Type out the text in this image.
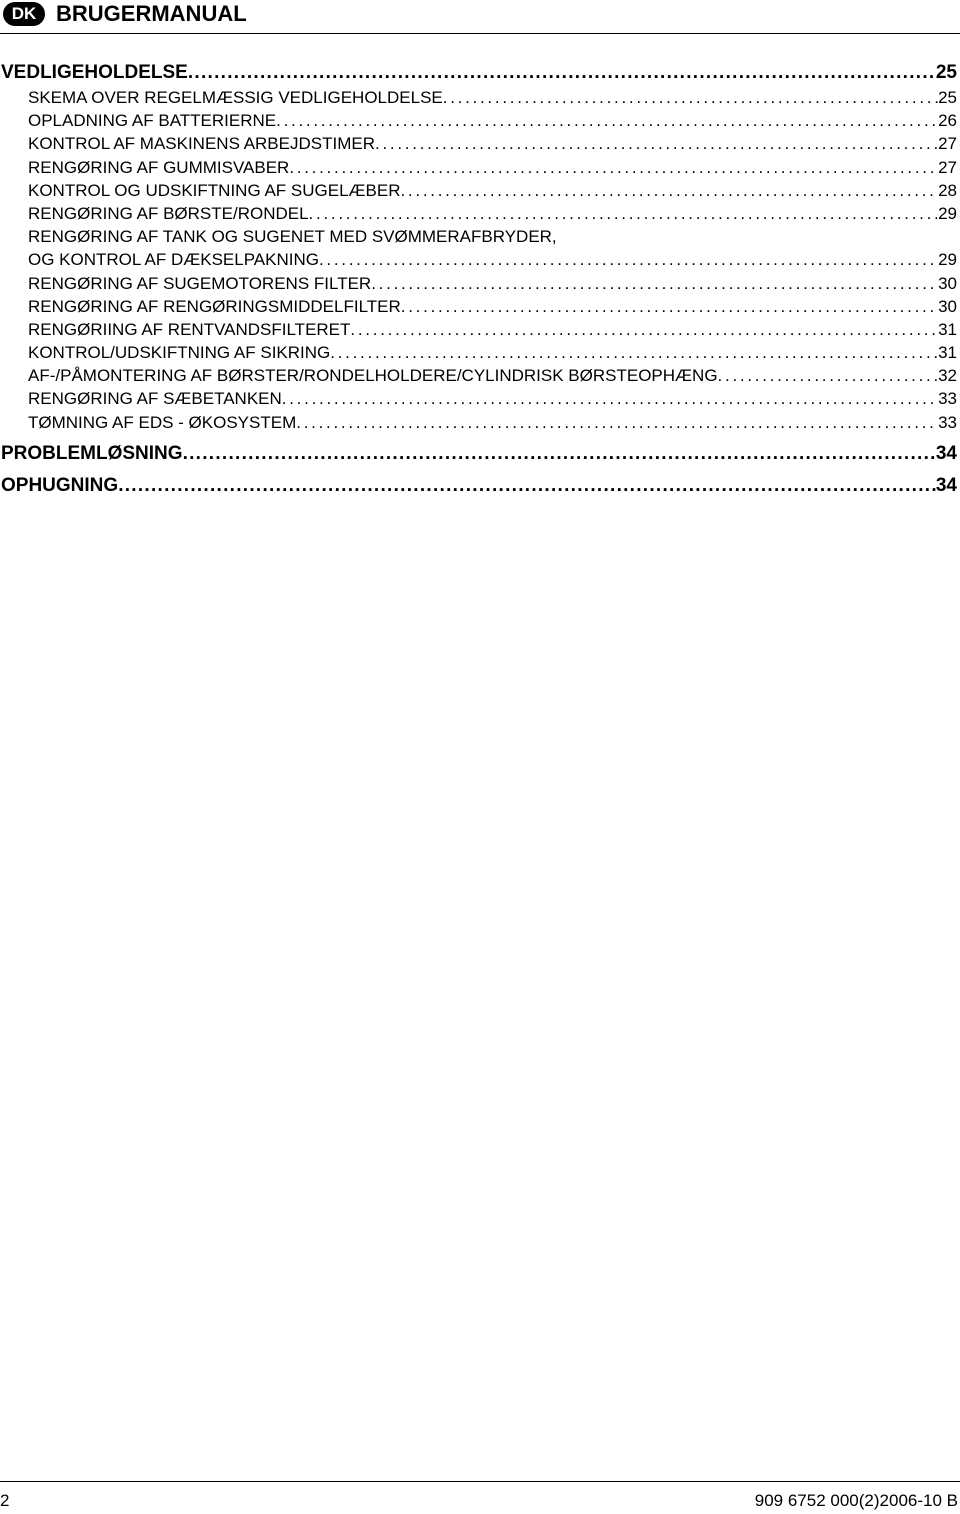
DK BRUGERMANUAL
VEDLIGEHOLDELSE . . .	25
SKEMA OVER REGELMÆSSIG VEDLIGEHOLDELSE . . .	25
OPLADNING AF BATTERIERNE . . .	26
KONTROL AF MASKINENS ARBEJDSTIMER . . .	27
RENGØRING AF GUMMISVABER . . .	27
KONTROL OG UDSKIFTNING AF SUGELÆBER . . .	28
RENGØRING AF BØRSTE/RONDEL . . .	29
RENGØRING AF TANK OG SUGENET MED SVØMMERAFBRYDER,
OG KONTROL AF DÆKSELPAKNING . . .	29
RENGØRING AF SUGEMOTORENS FILTER . . .	30
RENGØRING AF RENGØRINGSMIDDELFILTER . . .	30
RENGØRIING AF RENTVANDSFILTERET . . .	31
KONTROL/UDSKIFTNING AF SIKRING . . .	31
AF-/PÅMONTERING AF BØRSTER/RONDELHOLDERE/CYLINDRISK BØRSTEOPHÆNG . . .	32
RENGØRING AF SÆBETANKEN . . .	33
TØMNING AF EDS - ØKOSYSTEM . . .	33
PROBLEMLØSNING . . .	34
OPHUGNING . . .	34
2	909 6752 000(2)2006-10 B
